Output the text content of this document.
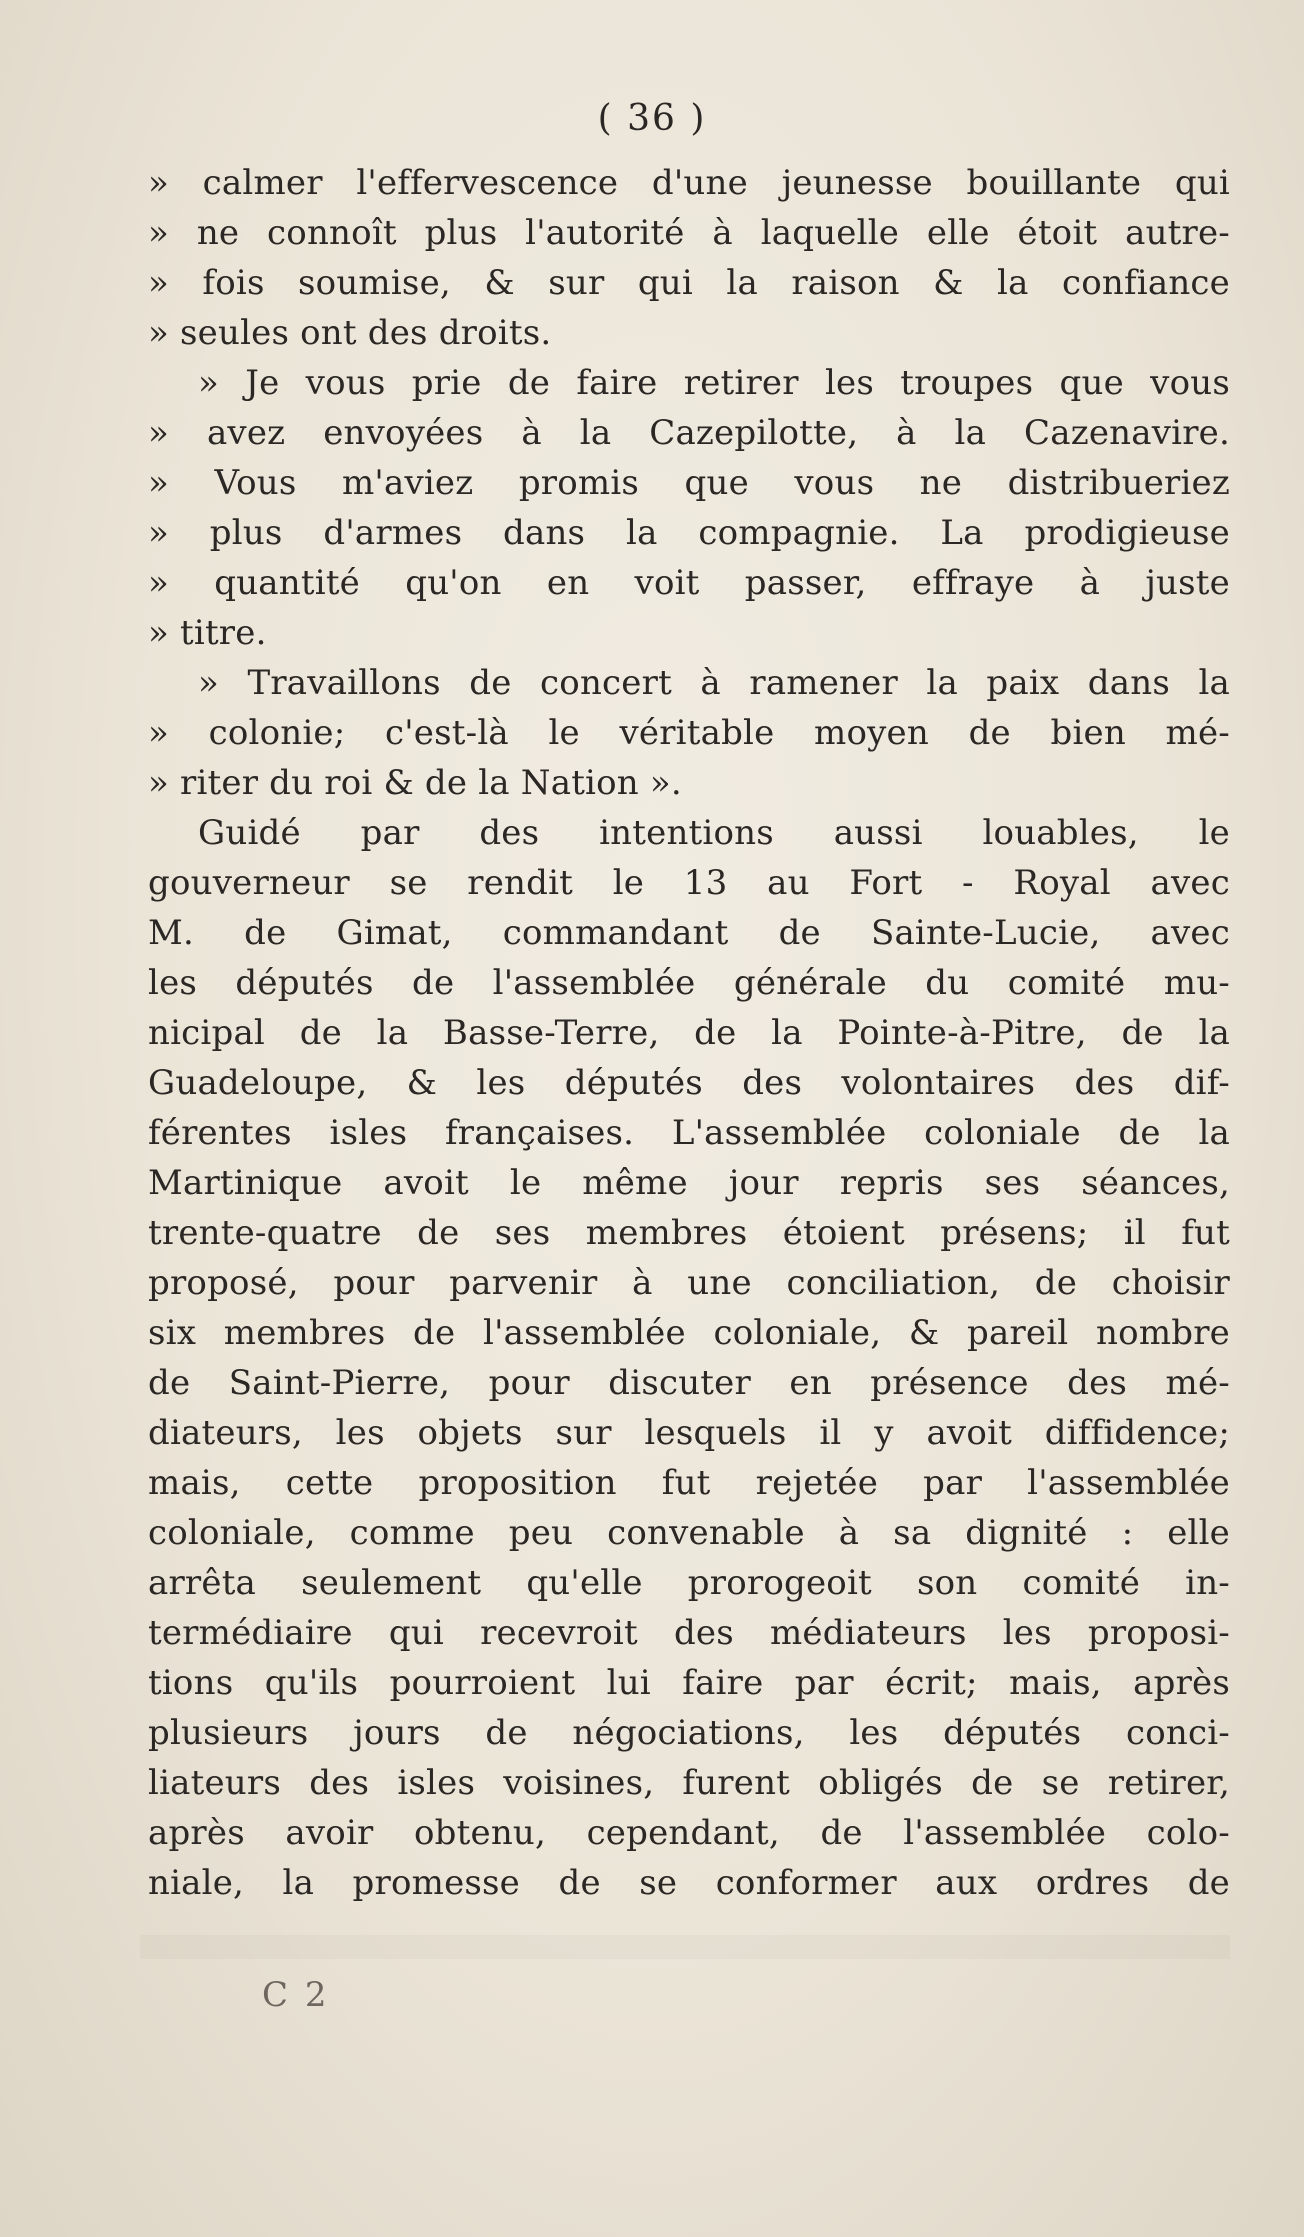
( 36 )
» calmer l'effervescence d'une jeunesse bouillante qui
» ne connoît plus l'autorité à laquelle elle étoit autre-
» fois soumise, & sur qui la raison & la confiance
» seules ont des droits.
» Je vous prie de faire retirer les troupes que vous
» avez envoyées à la Cazepilotte, à la Cazenavire.
» Vous m'aviez promis que vous ne distribueriez
» plus d'armes dans la compagnie. La prodigieuse
» quantité qu'on en voit passer, effraye à juste
» titre.
» Travaillons de concert à ramener la paix dans la
» colonie; c'est-là le véritable moyen de bien mé-
» riter du roi & de la Nation ».
Guidé par des intentions aussi louables, le
gouverneur se rendit le 13 au Fort - Royal avec
M. de Gimat, commandant de Sainte-Lucie, avec
les députés de l'assemblée générale du comité mu-
nicipal de la Basse-Terre, de la Pointe-à-Pitre, de la
Guadeloupe, & les députés des volontaires des dif-
férentes isles françaises. L'assemblée coloniale de la
Martinique avoit le même jour repris ses séances,
trente-quatre de ses membres étoient présens; il fut
proposé, pour parvenir à une conciliation, de choisir
six membres de l'assemblée coloniale, & pareil nombre
de Saint-Pierre, pour discuter en présence des mé-
diateurs, les objets sur lesquels il y avoit diffidence;
mais, cette proposition fut rejetée par l'assemblée
coloniale, comme peu convenable à sa dignité : elle
arrêta seulement qu'elle prorogeoit son comité in-
termédiaire qui recevroit des médiateurs les proposi-
tions qu'ils pourroient lui faire par écrit; mais, après
plusieurs jours de négociations, les députés conci-
liateurs des isles voisines, furent obligés de se retirer,
après avoir obtenu, cependant, de l'assemblée colo-
niale, la promesse de se conformer aux ordres de
C 2
